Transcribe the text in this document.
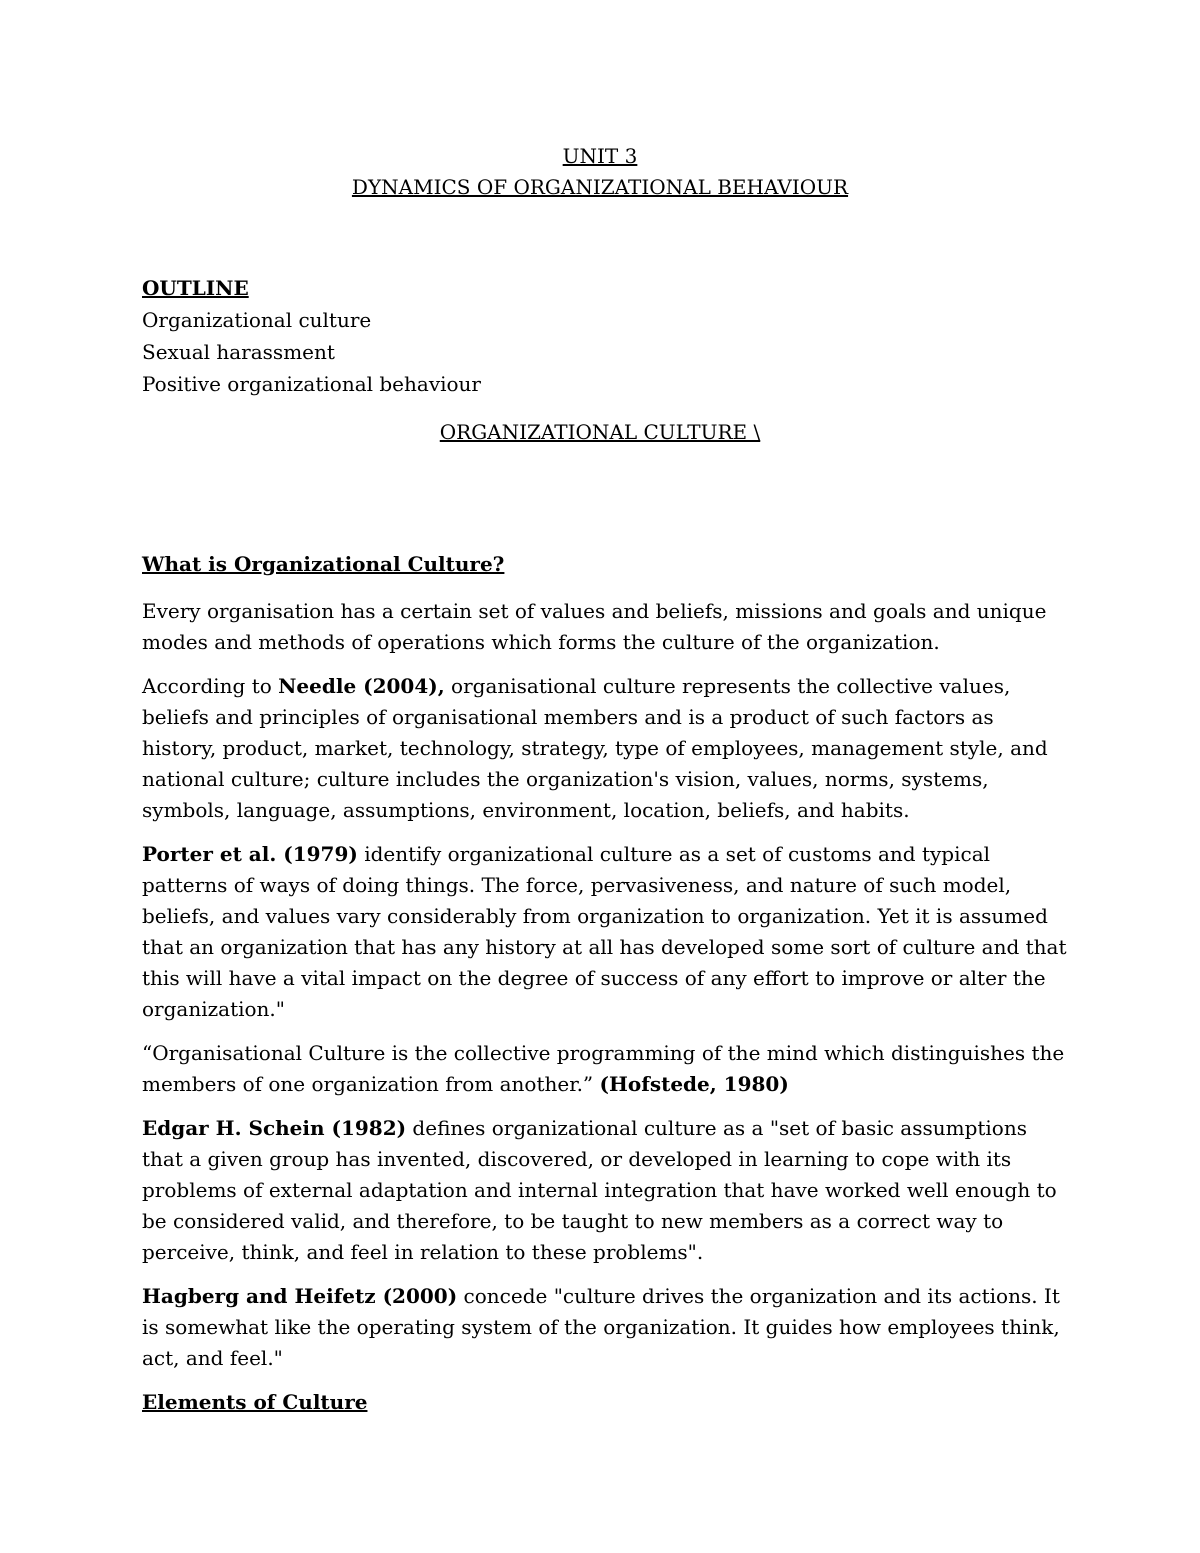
UNIT 3
DYNAMICS OF ORGANIZATIONAL BEHAVIOUR
OUTLINE
Organizational culture
Sexual harassment
Positive organizational behaviour
ORGANIZATIONAL CULTURE \
What is Organizational Culture?

Every organisation has a certain set of values and beliefs, missions and goals and unique modes and methods of operations which forms the culture of the organization.

According to Needle (2004), organisational culture represents the collective values, beliefs and principles of organisational members and is a product of such factors as history, product, market, technology, strategy, type of employees, management style, and national culture; culture includes the organization's vision, values, norms, systems, symbols, language, assumptions, environment, location, beliefs, and habits.

Porter et al. (1979) identify organizational culture as a set of customs and typical patterns of ways of doing things. The force, pervasiveness, and nature of such model, beliefs, and values vary considerably from organization to organization. Yet it is assumed that an organization that has any history at all has developed some sort of culture and that this will have a vital impact on the degree of success of any effort to improve or alter the organization."

“Organisational Culture is the collective programming of the mind which distinguishes the members of one organization from another.” (Hofstede, 1980)

Edgar H. Schein (1982) defines organizational culture as a "set of basic assumptions that a given group has invented, discovered, or developed in learning to cope with its problems of external adaptation and internal integration that have worked well enough to be considered valid, and therefore, to be taught to new members as a correct way to perceive, think, and feel in relation to these problems".

Hagberg and Heifetz (2000) concede "culture drives the organization and its actions. It is somewhat like the operating system of the organization. It guides how employees think, act, and feel."

Elements of Culture
